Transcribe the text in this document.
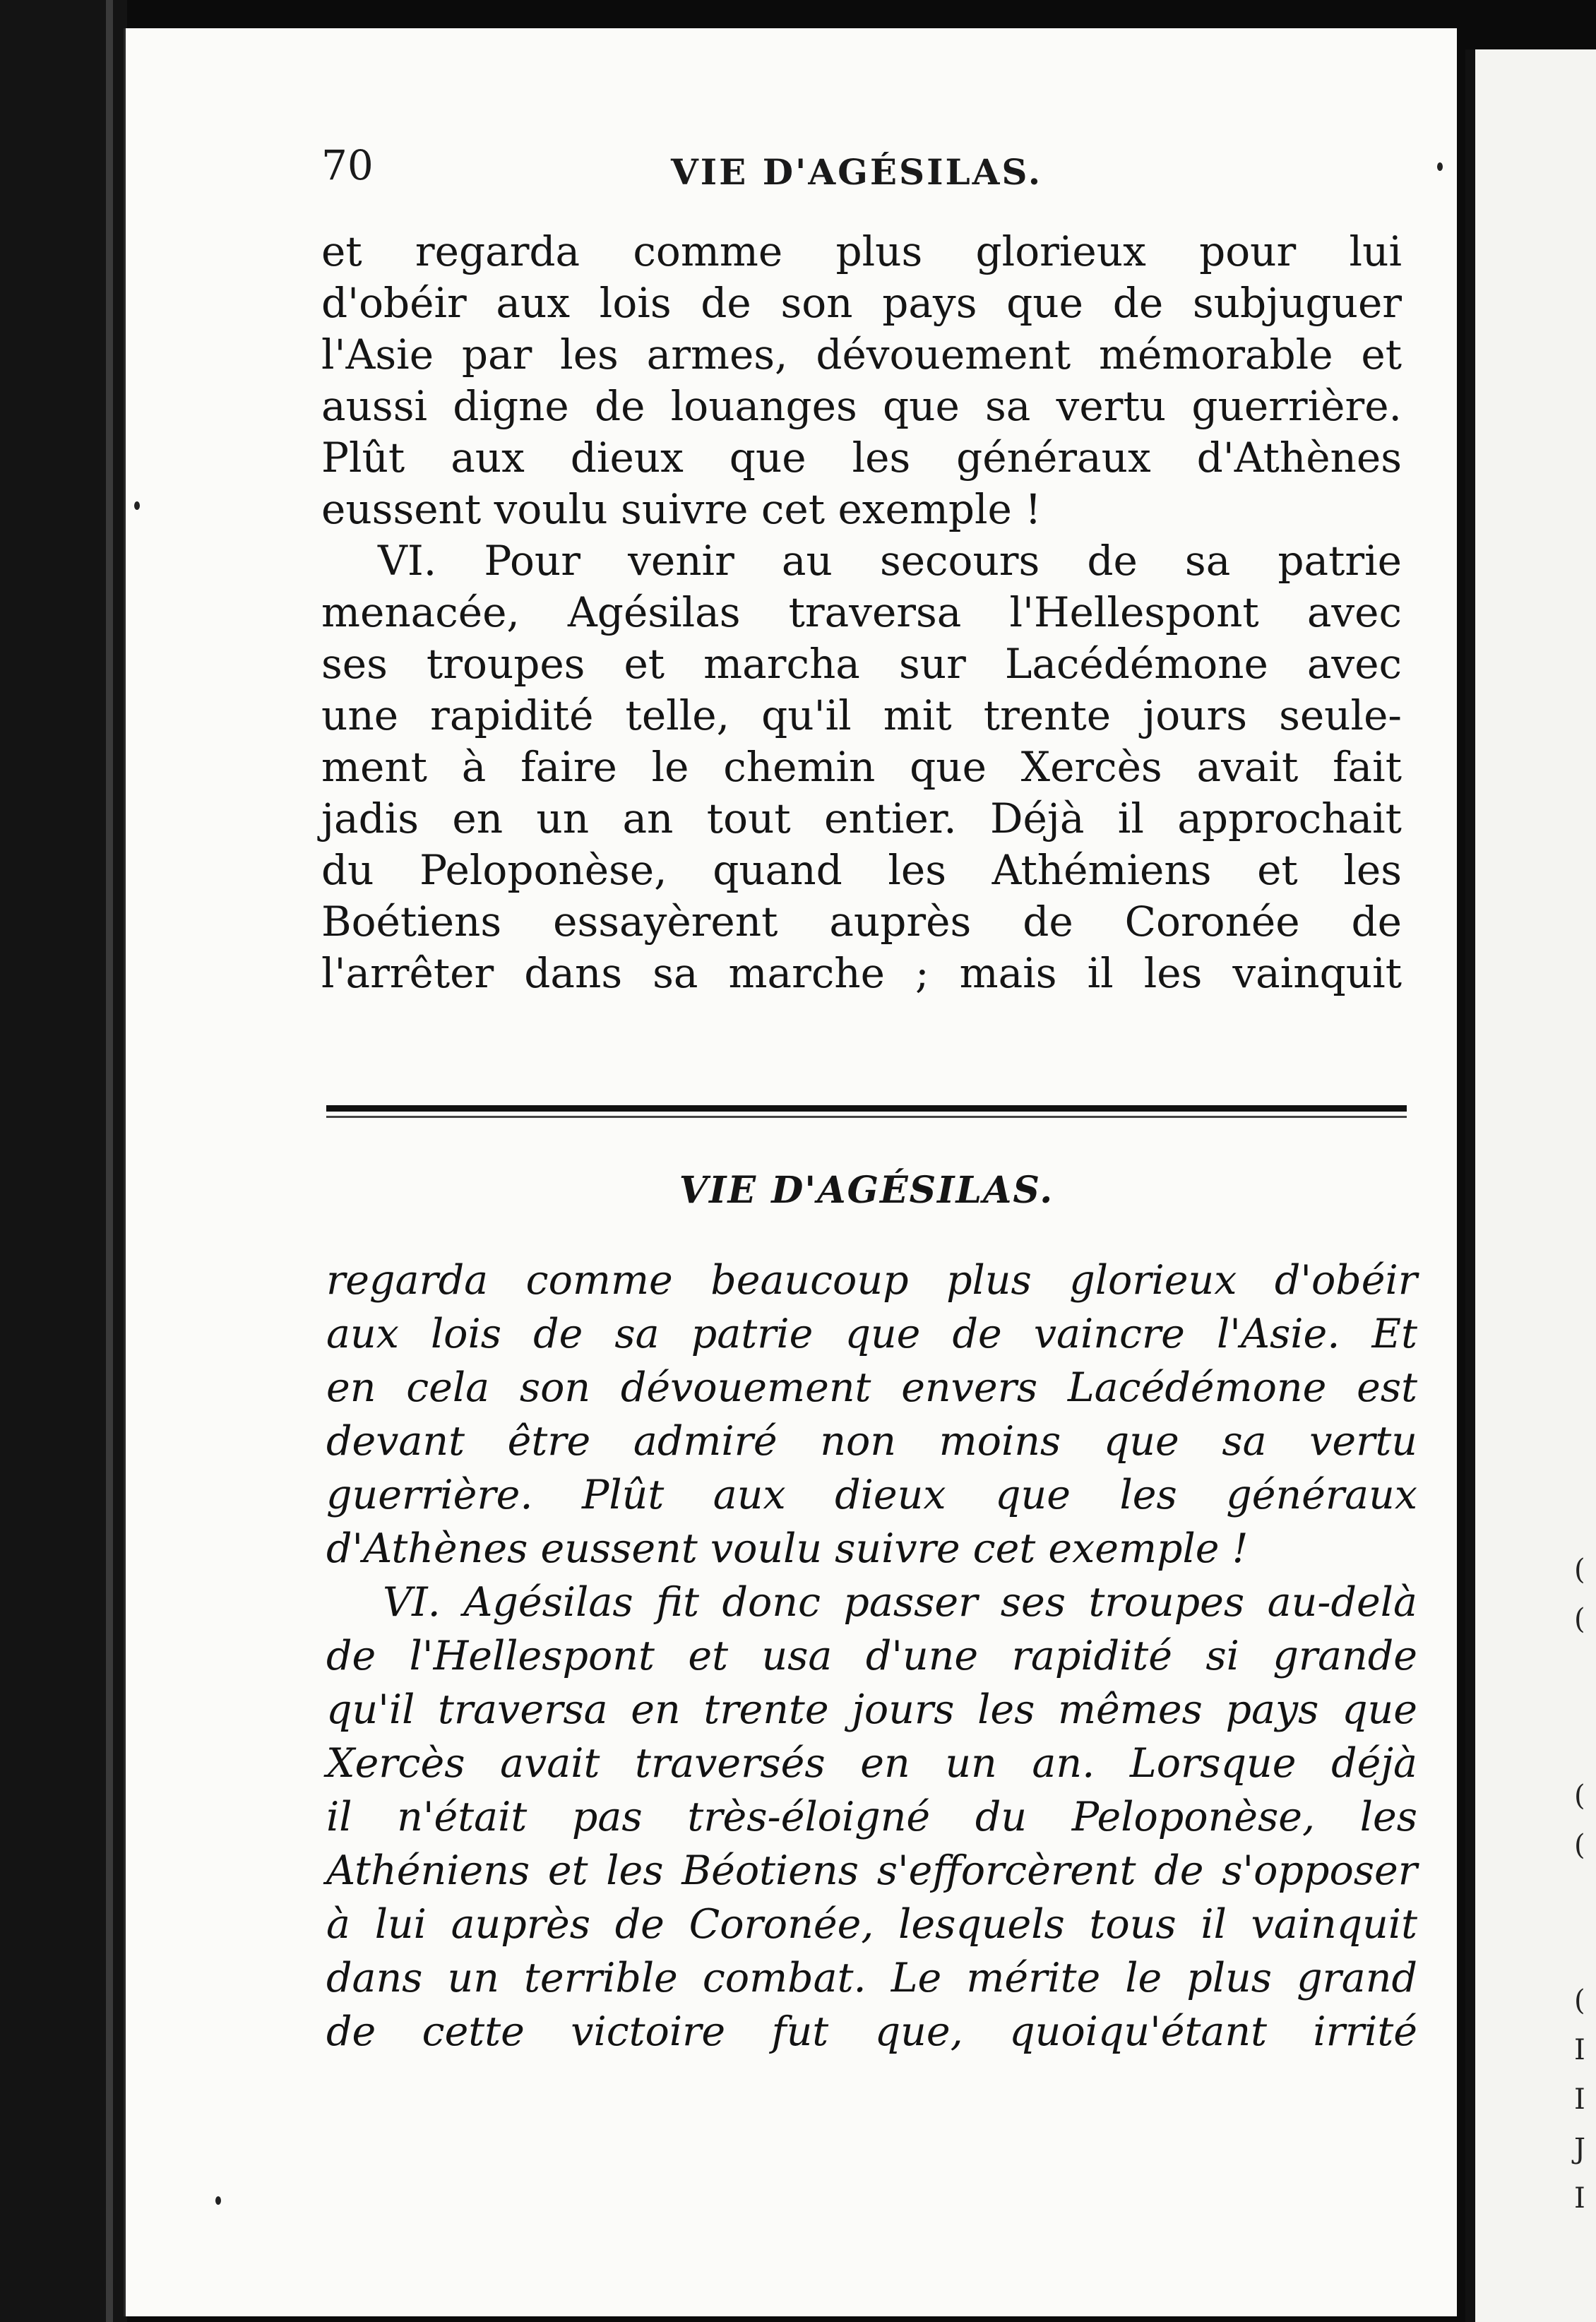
(
(
(
(
(
I
I
J
I
70	VIE D'AGÉSILAS.
et regarda comme plus glorieux pour lui
d'obéir aux lois de son pays que de subjuguer
l'Asie par les armes, dévouement mémorable et
aussi digne de louanges que sa vertu guerrière.
Plût aux dieux que les généraux d'Athènes
eussent voulu suivre cet exemple !
VI. Pour venir au secours de sa patrie
menacée, Agésilas traversa l'Hellespont avec
ses troupes et marcha sur Lacédémone avec
une rapidité telle, qu'il mit trente jours seule-
ment à faire le chemin que Xercès avait fait
jadis en un an tout entier. Déjà il approchait
du Peloponèse, quand les Athémiens et les
Boétiens essayèrent auprès de Coronée de
l'arrêter dans sa marche ; mais il les vainquit
VIE D'AGÉSILAS.
regarda comme beaucoup plus glorieux d'obéir
aux lois de sa patrie que de vaincre l'Asie. Et
en cela son dévouement envers Lacédémone est
devant être admiré non moins que sa vertu
guerrière. Plût aux dieux que les généraux
d'Athènes eussent voulu suivre cet exemple !
VI. Agésilas fit donc passer ses troupes au-delà
de l'Hellespont et usa d'une rapidité si grande
qu'il traversa en trente jours les mêmes pays que
Xercès avait traversés en un an. Lorsque déjà
il n'était pas très-éloigné du Peloponèse, les
Athéniens et les Béotiens s'efforcèrent de s'opposer
à lui auprès de Coronée, lesquels tous il vainquit
dans un terrible combat. Le mérite le plus grand
de cette victoire fut que, quoiqu'étant irrité
